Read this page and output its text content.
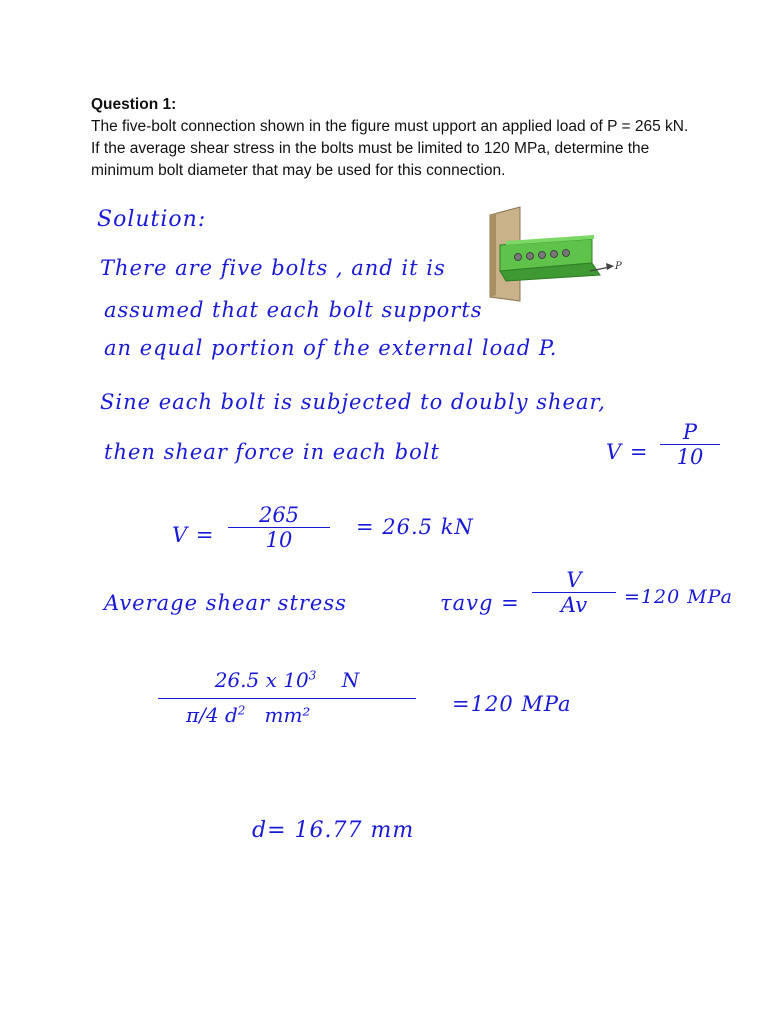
Question 1:

The five-bolt connection shown in the figure must upport an applied load of P = 265 kN. If the average shear stress in the bolts must be limited to 120 MPa, determine the minimum bolt diameter that may be used for this connection.

P
Solution:
There are five bolts , and it is
assumed that each bolt supports
an equal portion of the external load P.
Sine each bolt is subjected to doubly shear,
then shear force in each bolt	V =
P
10
V =
265
10
= 26.5 kN
Average shear stress	τavg =
V
Av	=120 MPa
26.5 x $10^3$ N
π/4 $d^2$ mm²	=120 MPa
d= 16.77 mm
